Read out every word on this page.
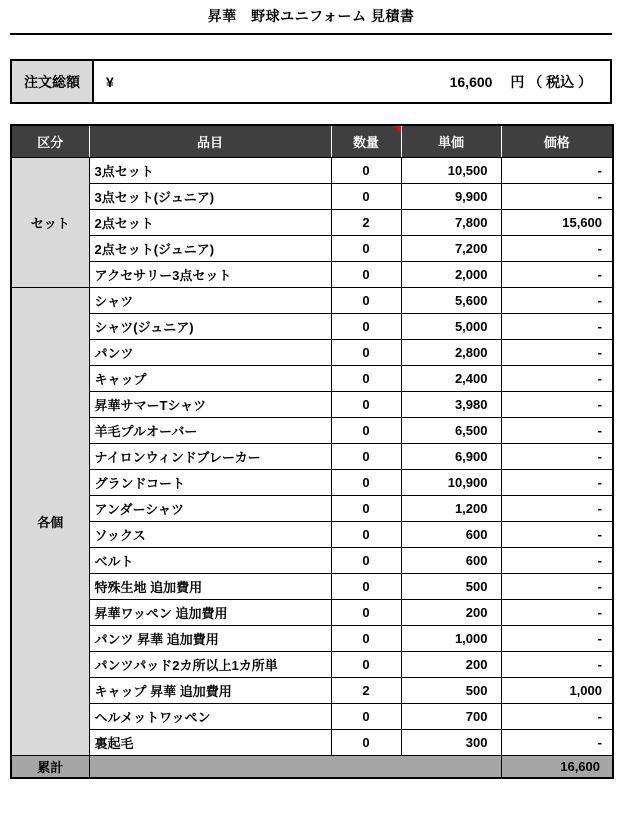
昇華　野球ユニフォーム 見積書
注文総額	¥	16,600 円 （ 税込 ）
区分	品目	数量	単価	価格
セット	3点セット	0	10,500	-
	3点セット(ジュニア)	0	9,900	-
	2点セット	2	7,800	15,600
	2点セット(ジュニア)	0	7,200	-
	アクセサリー3点セット	0	2,000	-
各個	シャツ	0	5,600	-
	シャツ(ジュニア)	0	5,000	-
	パンツ	0	2,800	-
	キャップ	0	2,400	-
	昇華サマーTシャツ	0	3,980	-
	羊毛プルオーバー	0	6,500	-
	ナイロンウィンドブレーカー	0	6,900	-
	グランドコート	0	10,900	-
	アンダーシャツ	0	1,200	-
	ソックス	0	600	-
	ベルト	0	600	-
	特殊生地 追加費用	0	500	-
	昇華ワッペン 追加費用	0	200	-
	パンツ 昇華 追加費用	0	1,000	-
	パンツパッド2カ所以上1カ所単	0	200	-
	キャップ 昇華 追加費用	2	500	1,000
	ヘルメットワッペン	0	700	-
	裏起毛	0	300	-
累計				16,600
